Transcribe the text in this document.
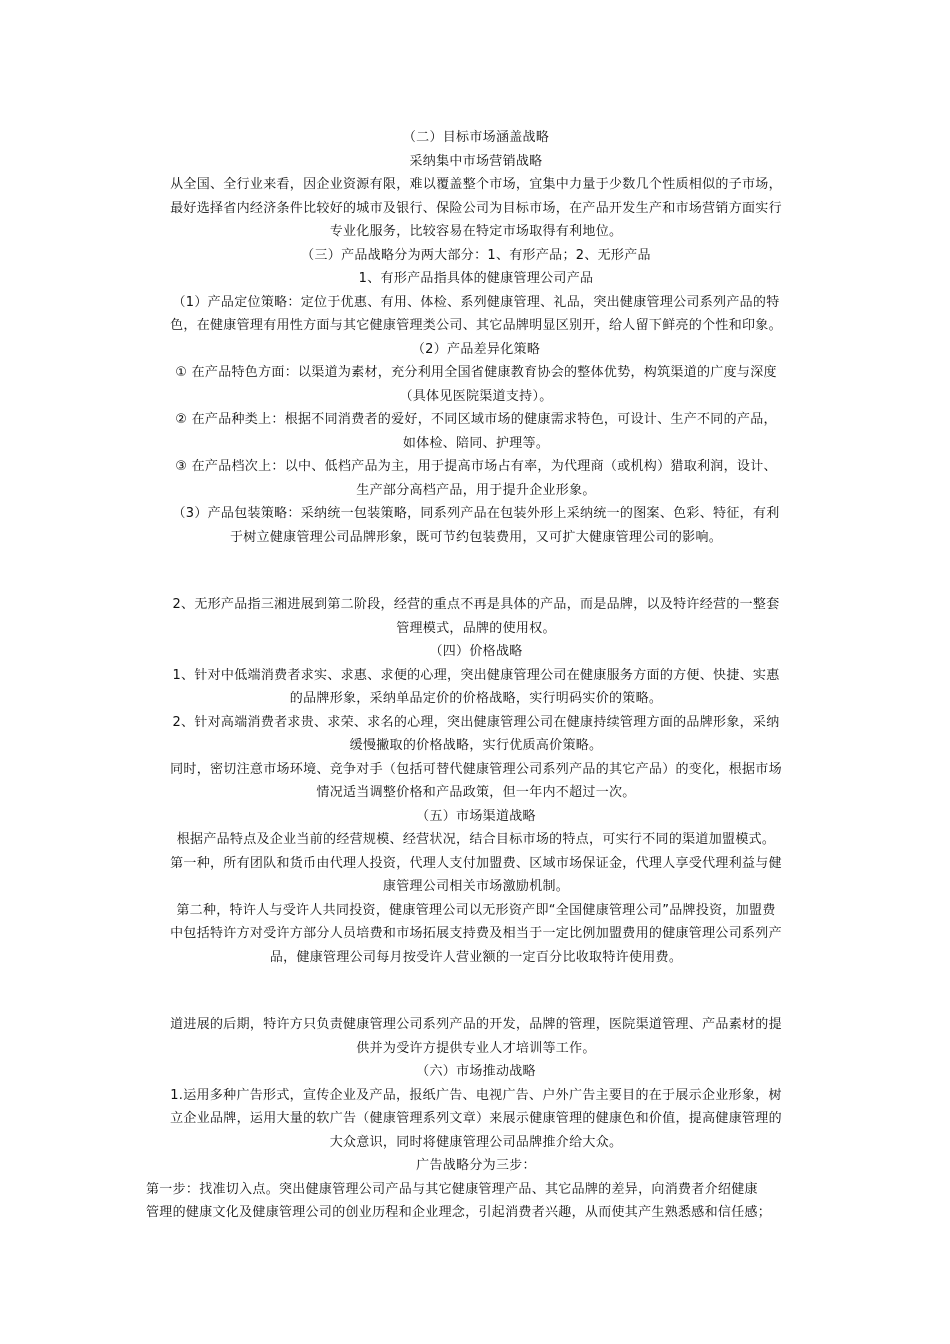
（二）目标市场涵盖战略

采纳集中市场营销战略

从全国、全行业来看，因企业资源有限，难以覆盖整个市场，宜集中力量于少数几个性质相似的子市场，

最好选择省内经济条件比较好的城市及银行、保险公司为目标市场，在产品开发生产和市场营销方面实行

专业化服务，比较容易在特定市场取得有利地位。

（三）产品战略分为两大部分：1、有形产品；2、无形产品

1、有形产品指具体的健康管理公司产品

（1）产品定位策略：定位于优惠、有用、体检、系列健康管理、礼品，突出健康管理公司系列产品的特

色，在健康管理有用性方面与其它健康管理类公司、其它品牌明显区别开，给人留下鲜亮的个性和印象。

（2）产品差异化策略

① 在产品特色方面：以渠道为素材，充分利用全国省健康教育协会的整体优势，构筑渠道的广度与深度

（具体见医院渠道支持）。

② 在产品种类上：根据不同消费者的爱好，不同区域市场的健康需求特色，可设计、生产不同的产品，

如体检、陪同、护理等。

③ 在产品档次上：以中、低档产品为主，用于提高市场占有率，为代理商（或机构）猎取利润，设计、

生产部分高档产品，用于提升企业形象。

（3）产品包装策略：采纳统一包装策略，同系列产品在包装外形上采纳统一的图案、色彩、特征，有利

于树立健康管理公司品牌形象，既可节约包装费用，又可扩大健康管理公司的影响。

2、无形产品指三湘进展到第二阶段，经营的重点不再是具体的产品，而是品牌，以及特许经营的一整套

管理模式，品牌的使用权。

（四）价格战略

1、针对中低端消费者求实、求惠、求便的心理，突出健康管理公司在健康服务方面的方便、快捷、实惠

的品牌形象，采纳单品定价的价格战略，实行明码实价的策略。

2、针对高端消费者求贵、求荣、求名的心理，突出健康管理公司在健康持续管理方面的品牌形象，采纳

缓慢撇取的价格战略，实行优质高价策略。

同时，密切注意市场环境、竞争对手（包括可替代健康管理公司系列产品的其它产品）的变化，根据市场

情况适当调整价格和产品政策，但一年内不超过一次。

（五）市场渠道战略

根据产品特点及企业当前的经营规模、经营状况，结合目标市场的特点，可实行不同的渠道加盟模式。

第一种，所有团队和货币由代理人投资，代理人支付加盟费、区域市场保证金，代理人享受代理利益与健

康管理公司相关市场激励机制。

第二种，特许人与受许人共同投资，健康管理公司以无形资产即“全国健康管理公司”品牌投资，加盟费

中包括特许方对受许方部分人员培费和市场拓展支持费及相当于一定比例加盟费用的健康管理公司系列产

品，健康管理公司每月按受许人营业额的一定百分比收取特许使用费。

道进展的后期，特许方只负责健康管理公司系列产品的开发，品牌的管理，医院渠道管理、产品素材的提

供并为受许方提供专业人才培训等工作。

（六）市场推动战略

1.运用多种广告形式，宣传企业及产品，报纸广告、电视广告、户外广告主要目的在于展示企业形象，树

立企业品牌，运用大量的软广告（健康管理系列文章）来展示健康管理的健康色和价值，提高健康管理的

大众意识，同时将健康管理公司品牌推介给大众。

广告战略分为三步：

第一步：找准切入点。突出健康管理公司产品与其它健康管理产品、其它品牌的差异，向消费者介绍健康

管理的健康文化及健康管理公司的创业历程和企业理念，引起消费者兴趣，从而使其产生熟悉感和信任感；
